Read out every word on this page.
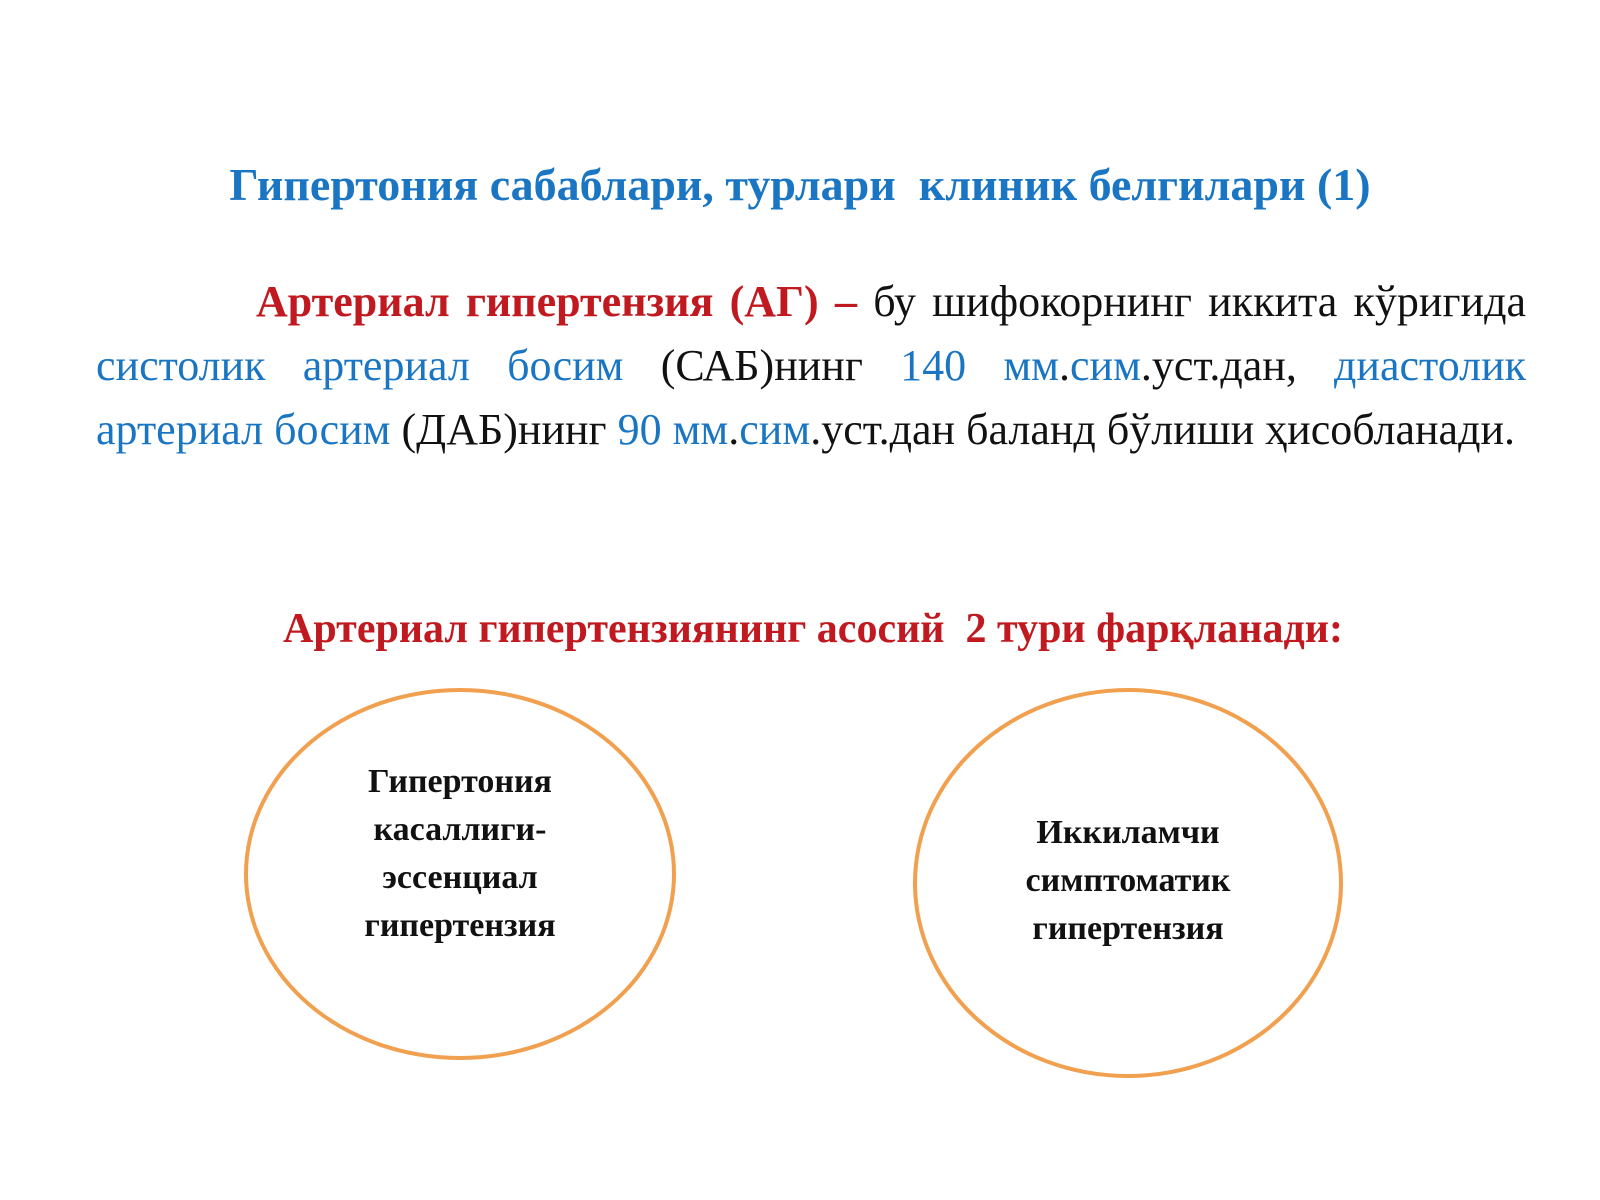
Гипертония сабаблари, турлари  клиник белгилари (1)
Артериал гипертензия (АГ) – бу шифокорнинг иккита кўригида систолик артериал босим (САБ)нинг 140 мм.сим.уст.дан, диастолик артериал босим (ДАБ)нинг 90 мм.сим.уст.дан баланд бўлиши ҳисобланади.
Артериал гипертензиянинг асосий  2 тури фарқланади:
Гипертония
касаллиги-
эссенциал
гипертензия
Иккиламчи
симптоматик
гипертензия
